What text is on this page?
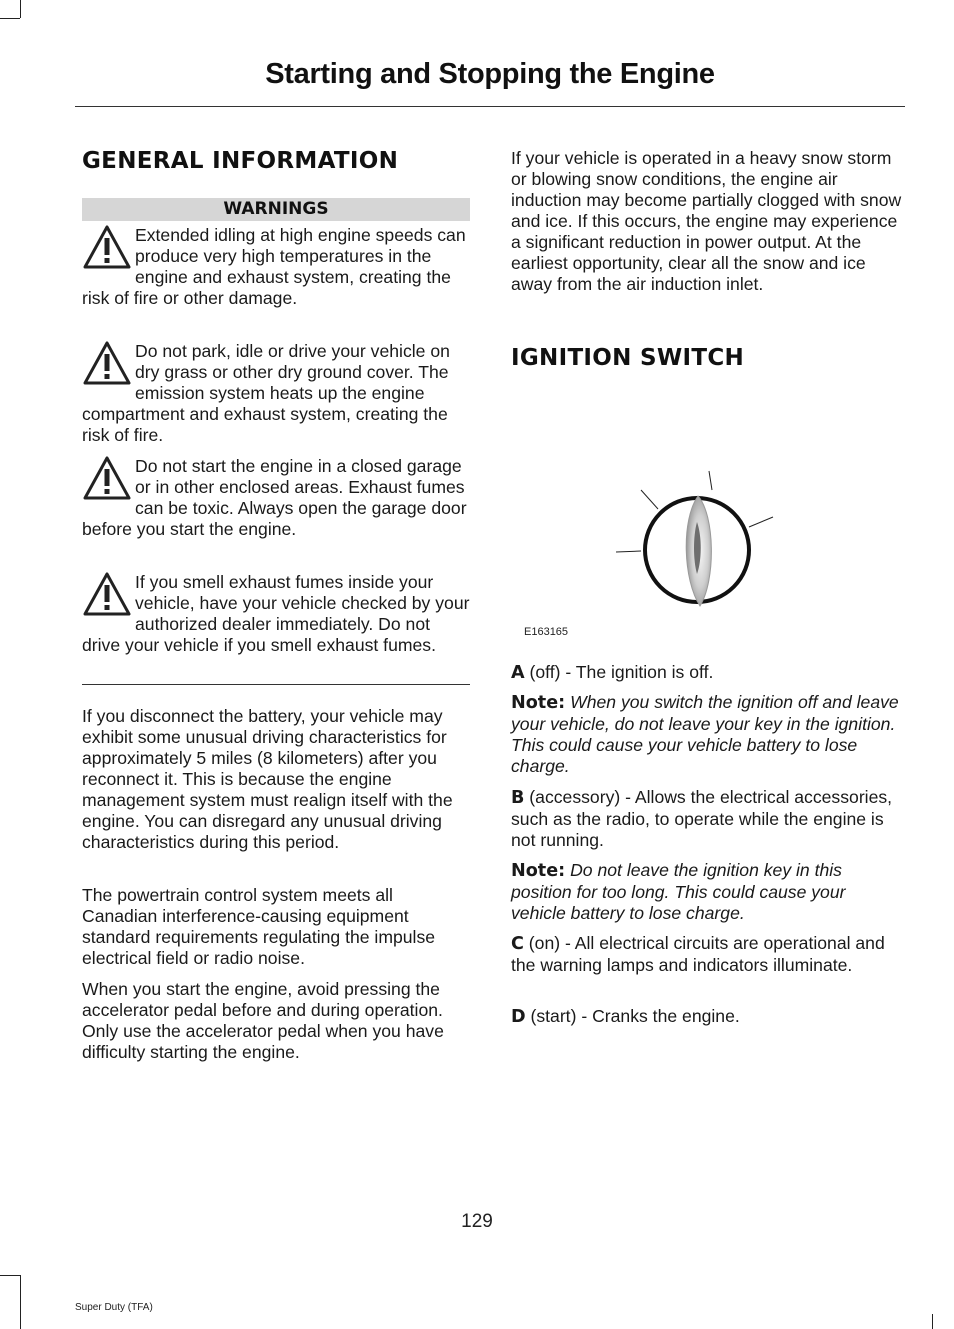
Starting and Stopping the Engine
GENERAL INFORMATION
WARNINGS
Extended idling at high engine speeds can produce very high temperatures in the engine and exhaust system, creating the risk of fire or other damage.
Do not park, idle or drive your vehicle on dry grass or other dry ground cover. The emission system heats up the engine compartment and exhaust system, creating the risk of fire.
Do not start the engine in a closed garage or in other enclosed areas. Exhaust fumes can be toxic. Always open the garage door before you start the engine.
If you smell exhaust fumes inside your vehicle, have your vehicle checked by your authorized dealer immediately. Do not drive your vehicle if you smell exhaust fumes.
If you disconnect the battery, your vehicle may exhibit some unusual driving characteristics for approximately 5 miles (8 kilometers) after you reconnect it. This is because the engine management system must realign itself with the engine. You can disregard any unusual driving characteristics during this period.
The powertrain control system meets all Canadian interference-causing equipment standard requirements regulating the impulse electrical field or radio noise.
When you start the engine, avoid pressing the accelerator pedal before and during operation. Only use the accelerator pedal when you have difficulty starting the engine.
If your vehicle is operated in a heavy snow storm or blowing snow conditions, the engine air induction may become partially clogged with snow and ice. If this occurs, the engine may experience a significant reduction in power output. At the earliest opportunity, clear all the snow and ice away from the air induction inlet.
IGNITION SWITCH
E163165
A (off) - The ignition is off.
Note: When you switch the ignition off and leave your vehicle, do not leave your key in the ignition. This could cause your vehicle battery to lose charge.
B (accessory) - Allows the electrical accessories, such as the radio, to operate while the engine is not running.
Note: Do not leave the ignition key in this position for too long. This could cause your vehicle battery to lose charge.
C (on) - All electrical circuits are operational and the warning lamps and indicators illuminate.
D (start) - Cranks the engine.
129
Super Duty (TFA)
